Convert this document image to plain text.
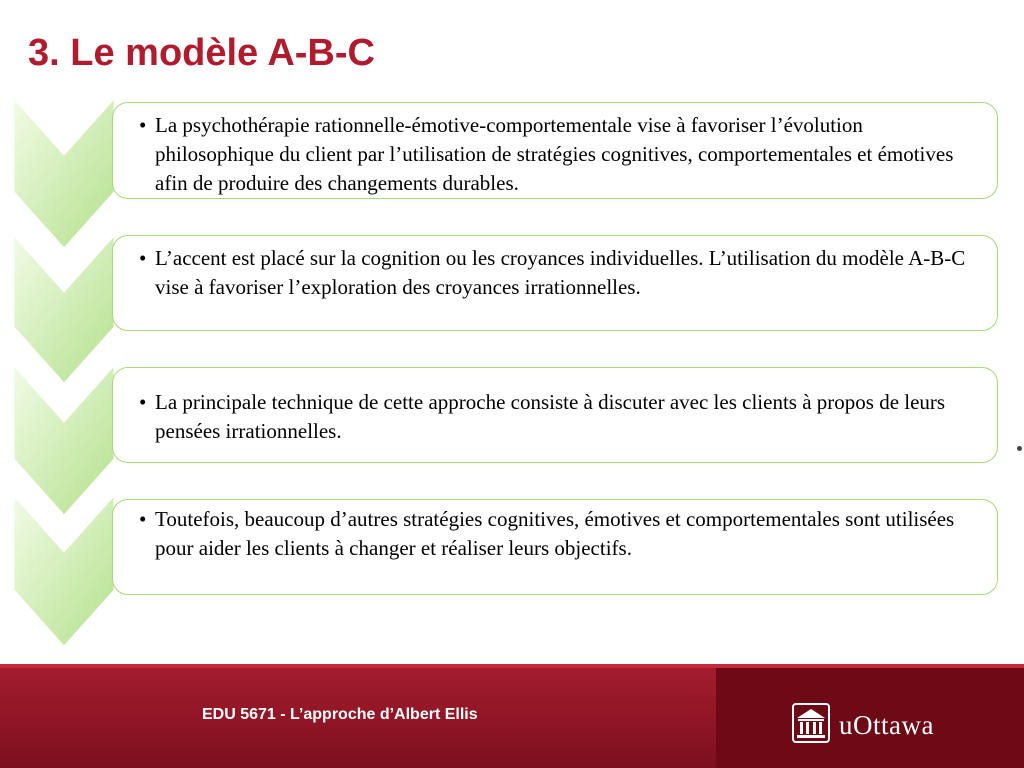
3. Le modèle A-B-C
• La psychothérapie rationnelle-émotive-comportementale vise à favoriser l’évolution philosophique du client par l’utilisation de stratégies cognitives, comportementales et émotives afin de produire des changements durables.
• L’accent est placé sur la cognition ou les croyances individuelles. L’utilisation du modèle A-B-C vise à favoriser l’exploration des croyances irrationnelles.
• La principale technique de cette approche consiste à discuter avec les clients à propos de leurs pensées irrationnelles.
• Toutefois, beaucoup d’autres stratégies cognitives, émotives et comportementales sont utilisées pour aider les clients à changer et réaliser leurs objectifs.
EDU 5671 - L’approche d’Albert Ellis	uOttawa
